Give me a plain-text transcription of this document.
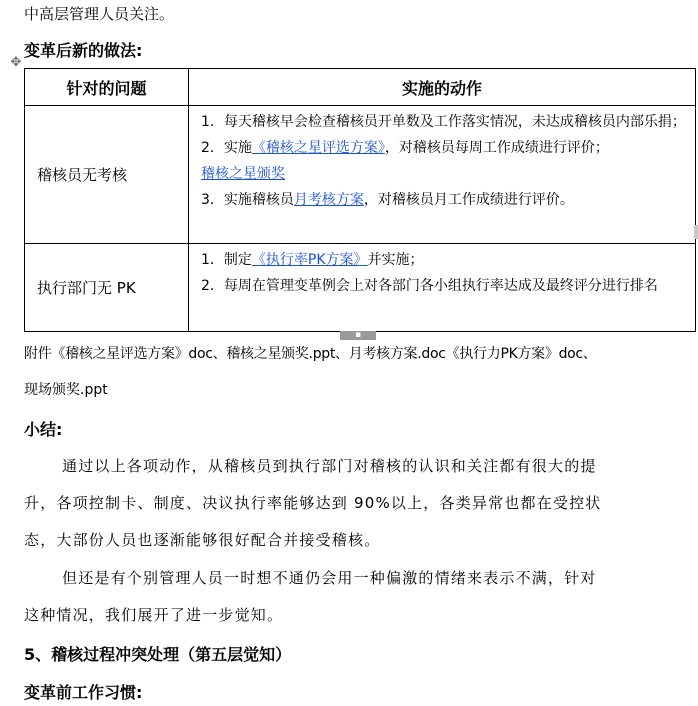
中高层管理人员关注。
变革后新的做法:
✥
针对的问题	实施的动作
稽核员无考核	1．每天稽核早会检查稽核员开单数及工作落实情况，未达成稽核员内部乐捐；
2．实施《稽核之星评选方案》，对稽核员每周工作成绩进行评价；
稽核之星颁奖
3．实施稽核员月考核方案，对稽核员月工作成绩进行评价。

执行部门无 PK	1．制定《执行率PK方案》并实施；
2．每周在管理变革例会上对各部门各小组执行率达成及最终评分进行排名
▪
附件《稽核之星评选方案》doc、稽核之星颁奖.ppt、月考核方案.doc《执行力PK方案》doc、
现场颁奖.ppt
小结:
通过以上各项动作，从稽核员到执行部门对稽核的认识和关注都有很大的提
升，各项控制卡、制度、决议执行率能够达到 90%以上，各类异常也都在受控状
态，大部份人员也逐渐能够很好配合并接受稽核。
但还是有个别管理人员一时想不通仍会用一种偏激的情绪来表示不满，针对
这种情况，我们展开了进一步觉知。
5、稽核过程冲突处理（第五层觉知）
变革前工作习惯:
